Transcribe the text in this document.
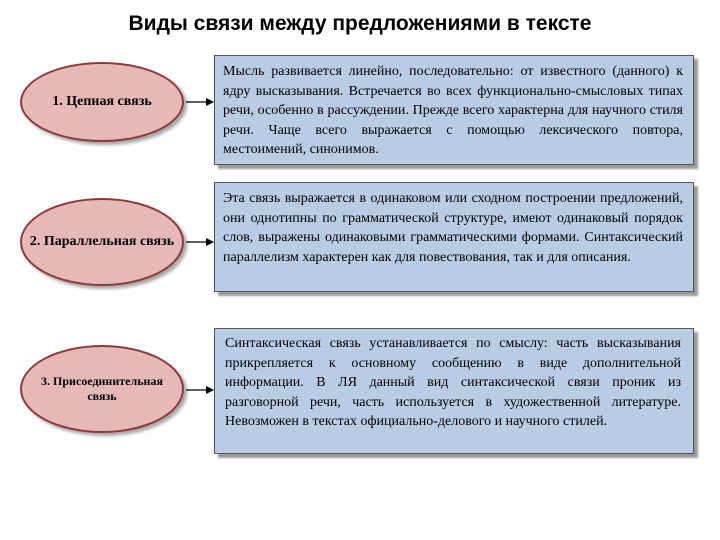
Виды связи между предложениями в тексте
1. Цепная связь
Мысль развивается линейно, последовательно: от известного (данного) к ядру высказывания. Встречается во всех функционально-смысловых типах речи, особенно в рассуждении. Прежде всего характерна для научного стиля речи. Чаще всего выражается с помощью лексического повтора, местоимений, синонимов.
2. Параллельная связь
Эта связь выражается в одинаковом или сходном построении предложений, они однотипны по грамматической структуре, имеют одинаковый порядок слов, выражены одинаковыми грамматическими формами. Синтаксический параллелизм характерен как для повествования, так и для описания.
3. Присоединительная связь
Синтаксическая связь устанавливается по смыслу: часть высказывания прикрепляется к основному сообщению в виде дополнительной информации. В ЛЯ данный вид синтаксической связи проник из разговорной речи, часть используется в художественной литературе. Невозможен в текстах официально-делового и научного стилей.
